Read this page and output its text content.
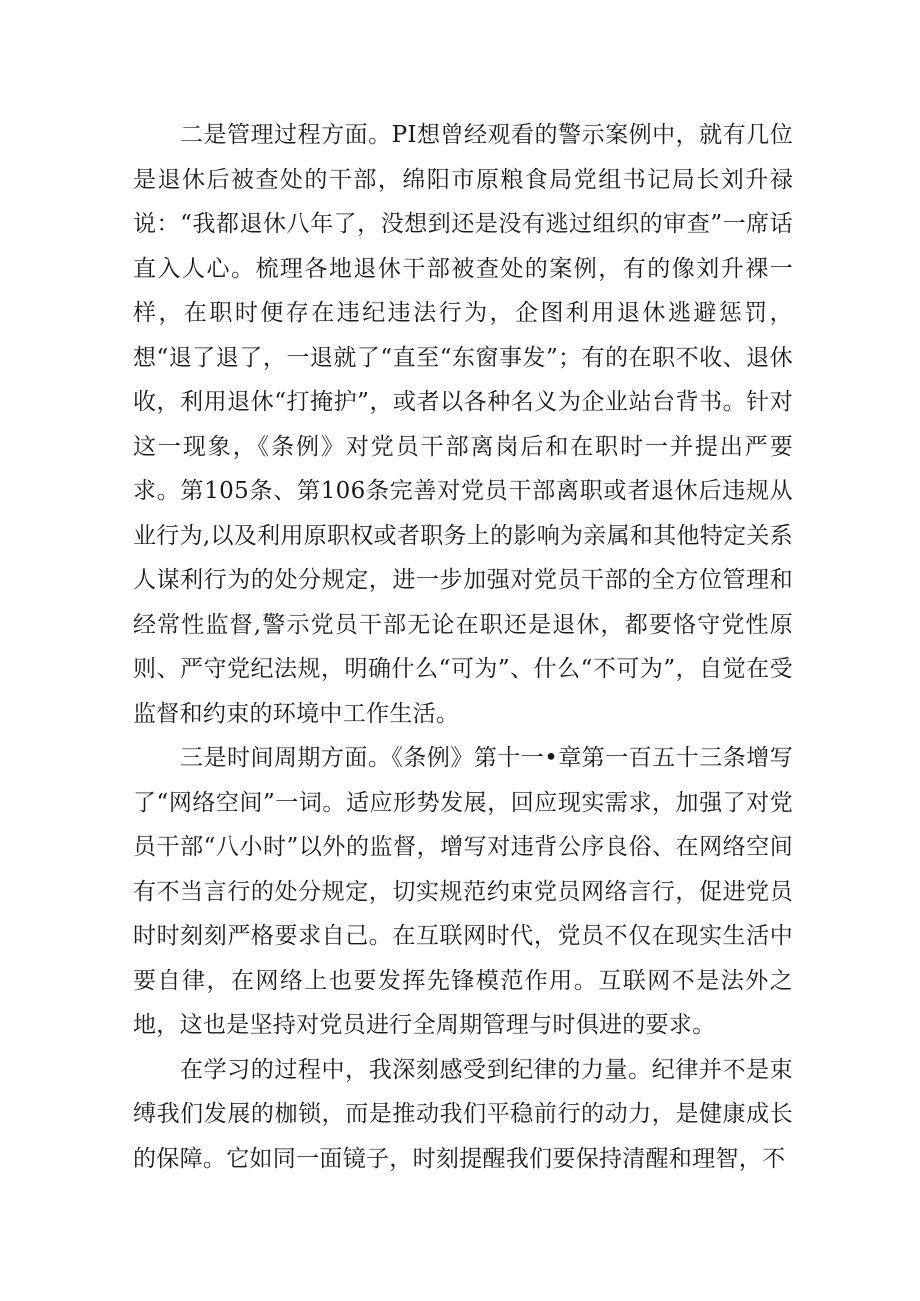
二是管理过程方面。PI想曾经观看的警示案例中，就有几位是退休后被查处的干部，绵阳市原粮食局党组书记局长刘升禄说：“我都退休八年了，没想到还是没有逃过组织的审查”一席话直入人心。梳理各地退休干部被查处的案例，有的像刘升裸一样，在职时便存在违纪违法行为，企图利用退休逃避惩罚，想“退了退了，一退就了“直至“东窗事发”；有的在职不收、退休收，利用退休“打掩护”，或者以各种名义为企业站台背书。针对这一现象，《条例》对党员干部离岗后和在职时一并提出严要求。第105条、第106条完善对党员干部离职或者退休后违规从业行为,以及利用原职权或者职务上的影响为亲属和其他特定关系人谋利行为的处分规定，进一步加强对党员干部的全方位管理和经常性监督,警示党员干部无论在职还是退休，都要恪守党性原则、严守党纪法规，明确什么“可为”、什么“不可为”，自觉在受监督和约束的环境中工作生活。

三是时间周期方面。《条例》第十一•章第一百五十三条增写了“网络空间”一词。适应形势发展，回应现实需求，加强了对党员干部“八小时”以外的监督，增写对违背公序良俗、在网络空间有不当言行的处分规定，切实规范约束党员网络言行，促进党员时时刻刻严格要求自己。在互联网时代，党员不仅在现实生活中要自律，在网络上也要发挥先锋模范作用。互联网不是法外之地，这也是坚持对党员进行全周期管理与时俱进的要求。

在学习的过程中，我深刻感受到纪律的力量。纪律并不是束缚我们发展的枷锁，而是推动我们平稳前行的动力，是健康成长的保障。它如同一面镜子，时刻提醒我们要保持清醒和理智，不
